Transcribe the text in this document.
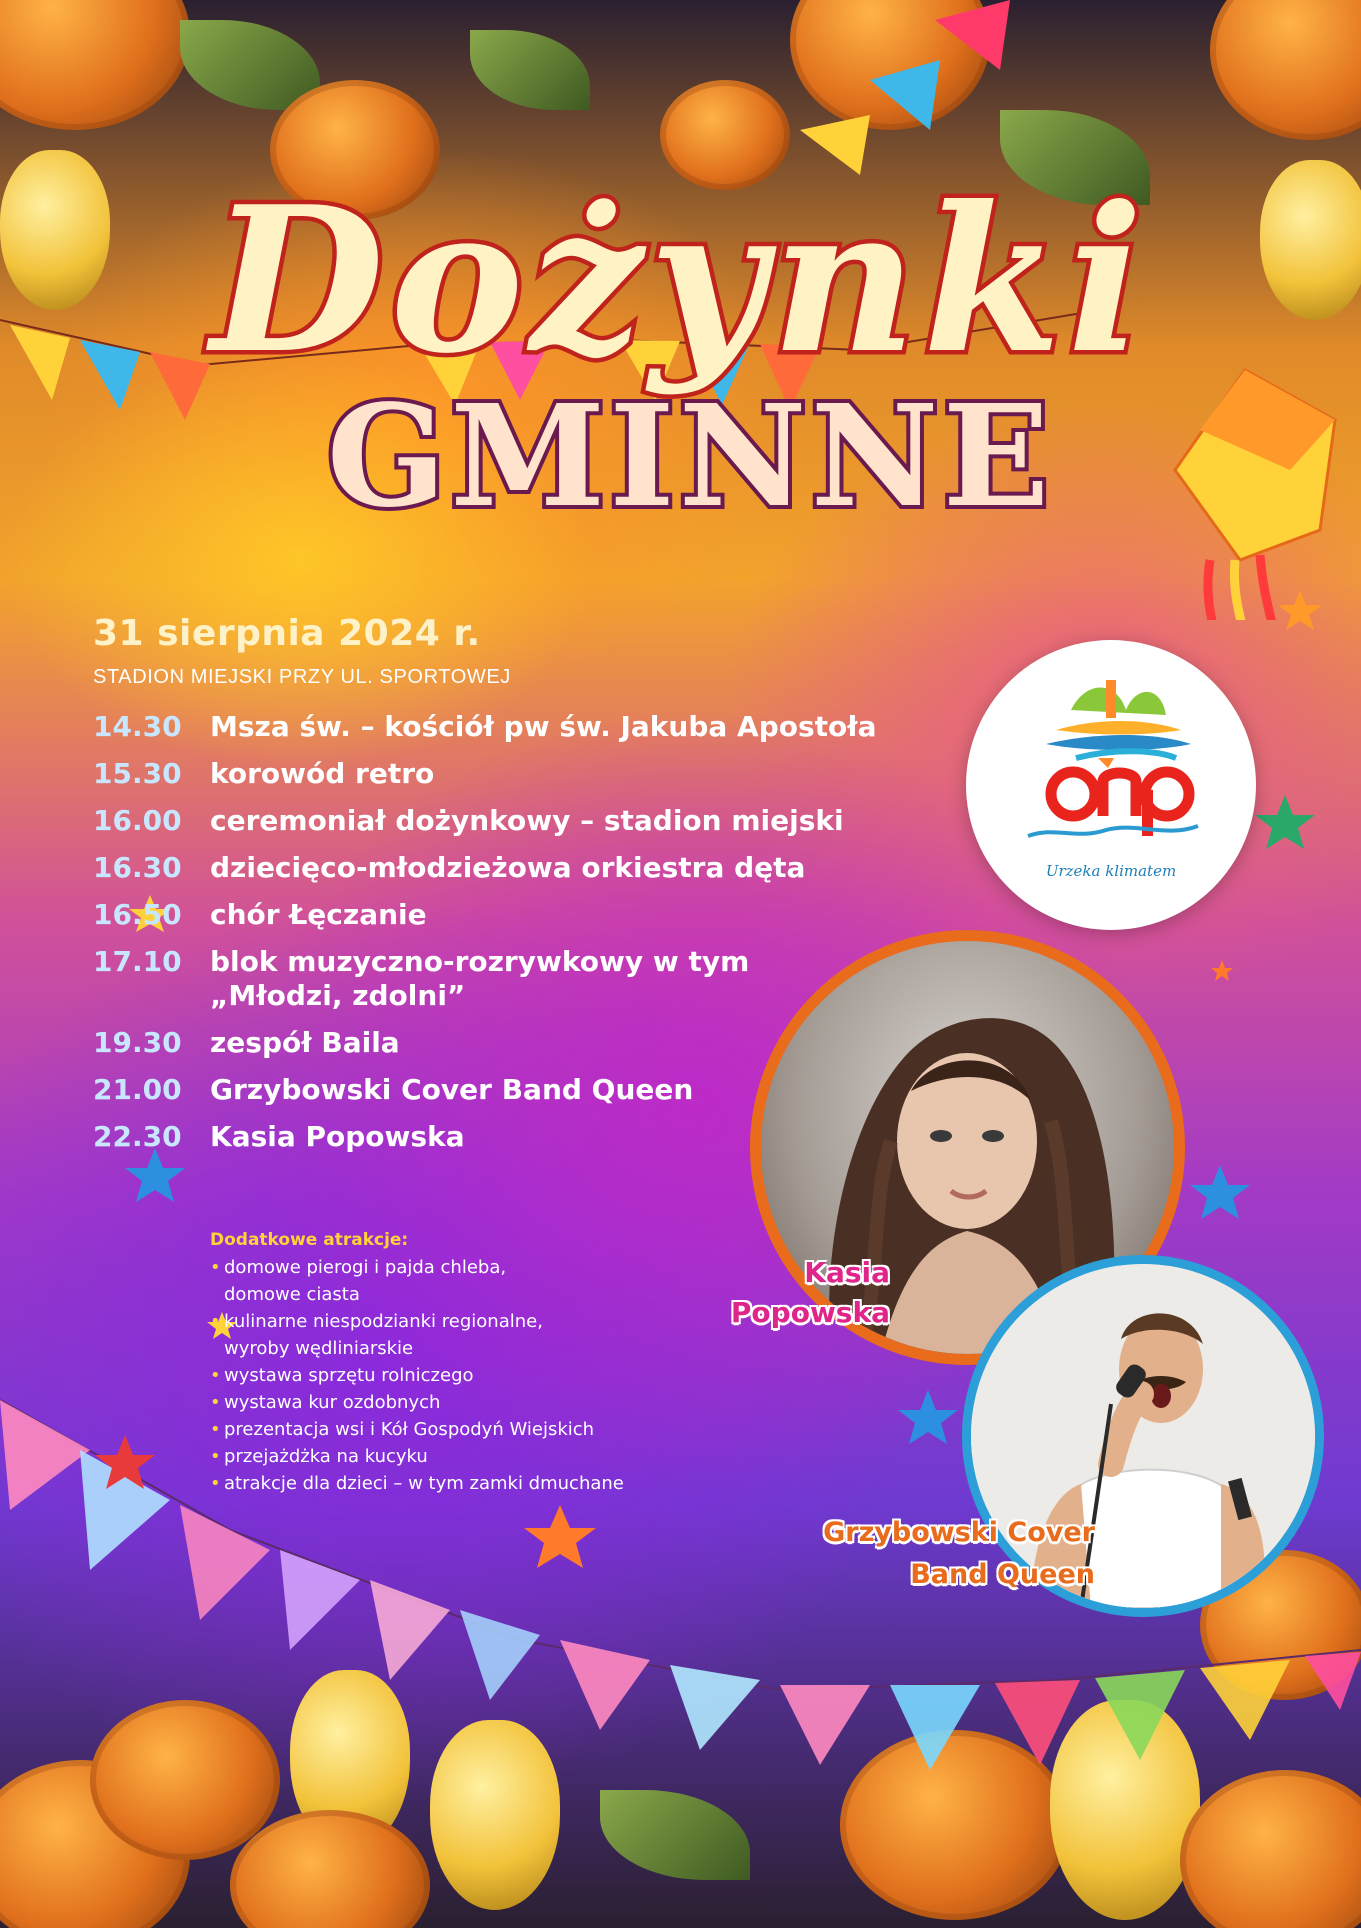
Dożynki
GMINNE
31 sierpnia 2024 r.
STADION MIEJSKI PRZY UL. SPORTOWEJ
14.30	Msza św. – kościół pw św. Jakuba Apostoła
15.30	korowód retro
16.00	ceremoniał dożynkowy – stadion miejski
16.30	dziecięco-młodzieżowa orkiestra dęta
16.50	chór Łęczanie
17.10	blok muzyczno-rozrywkowy w tym
„Młodzi, zdolni”
19.30	zespół Baila
21.00	Grzybowski Cover Band Queen
22.30	Kasia Popowska
Dodatkowe atrakcje:
• domowe pierogi i pajda chleba,
domowe ciasta
• kulinarne niespodzianki regionalne,
wyroby wędliniarskie
• wystawa sprzętu rolniczego
• wystawa kur ozdobnych
• prezentacja wsi i Kół Gospodyń Wiejskich
• przejażdżka na kucyku
• atrakcje dla dzieci – w tym zamki dmuchane
Urzeka klimatem
Kasia
Popowska
Grzybowski Cover
Band Queen
